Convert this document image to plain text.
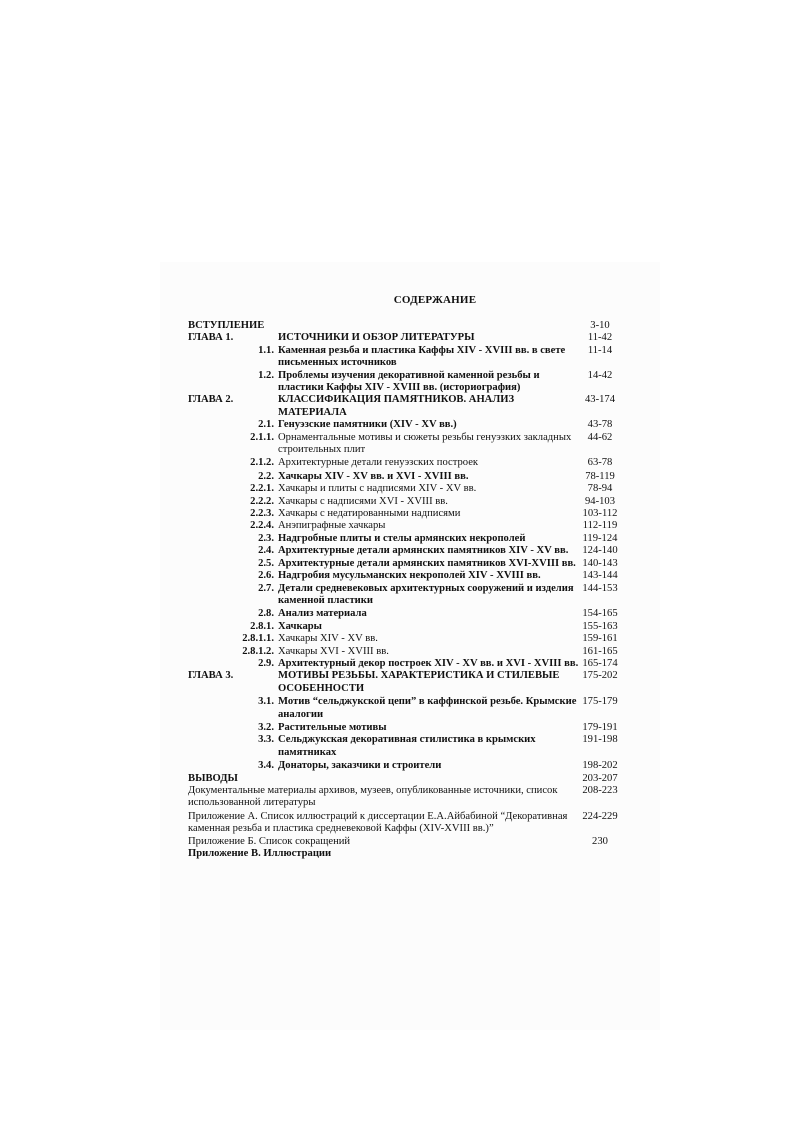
СОДЕРЖАНИЕ
ВСТУПЛЕНИЕ	3-10
ГЛАВА 1.	ИСТОЧНИКИ И ОБЗОР ЛИТЕРАТУРЫ	11-42
1.1. Каменная резьба и пластика Каффы XIV - XVIII вв. в свете письменных источников
11-14
1.2. Проблемы изучения декоративной каменной резьбы и пластики Каффы XIV - XVIII вв. (историография)
14-42
ГЛАВА 2.	КЛАССИФИКАЦИЯ ПАМЯТНИКОВ. АНАЛИЗ МАТЕРИАЛА
43-174
2.1. Генуэзские памятники (XIV - XV вв.)	43-78
2.1.1. Орнаментальные мотивы и сюжеты резьбы генуэзких закладных строительных плит
44-62
2.1.2. Архитектурные детали генуэзских построек	63-78
2.2. Хачкары XIV - XV вв. и XVI - XVIII вв.	78-119
2.2.1. Хачкары и плиты с надписями XIV - XV вв.	78-94
2.2.2. Хачкары с надписями XVI - XVIII вв.	94-103
2.2.3. Хачкары с недатированными надписями	103-112
2.2.4. Анэпиграфные хачкары	112-119
2.3. Надгробные плиты и стелы армянских некрополей	119-124
2.4. Архитектурные детали армянских памятников XIV - XV вв.	124-140
2.5. Архитектурные детали армянских памятников XVI-XVIII вв. 140-143
2.6. Надгробия мусульманских некрополей XIV - XVIII вв.	143-144
2.7. Детали средневековых архитектурных сооружений и изделия каменной пластики
144-153
2.8. Анализ материала	154-165
2.8.1. Хачкары	155-163
2.8.1.1. Хачкары XIV - XV вв.	159-161
2.8.1.2. Хачкары XVI - XVIII вв.	161-165
2.9. Архитектурный декор построек XIV - XV вв. и XVI - XVIII вв. 165-174
ГЛАВА 3.	МОТИВЫ РЕЗЬБЫ. ХАРАКТЕРИСТИКА И СТИЛЕВЫЕ ОСОБЕННОСТИ
175-202
3.1. Мотив “сельджукской цепи” в каффинской резьбе. Крымские аналогии
175-179
3.2. Растительные мотивы	179-191
3.3. Сельджукская декоративная стилистика в крымских памятниках
191-198
3.4. Донаторы, заказчики и строители	198-202
ВЫВОДЫ	203-207
Документальные материалы архивов, музеев, опубликованные источники, список использованной литературы
208-223
Приложение А. Список иллюстраций к диссертации Е.А.Айбабиной “Декоративная каменная резьба и пластика средневековой Каффы (XIV-XVIII вв.)”
224-229
Приложение Б. Список сокращений	230
Приложение В. Иллюстрации
